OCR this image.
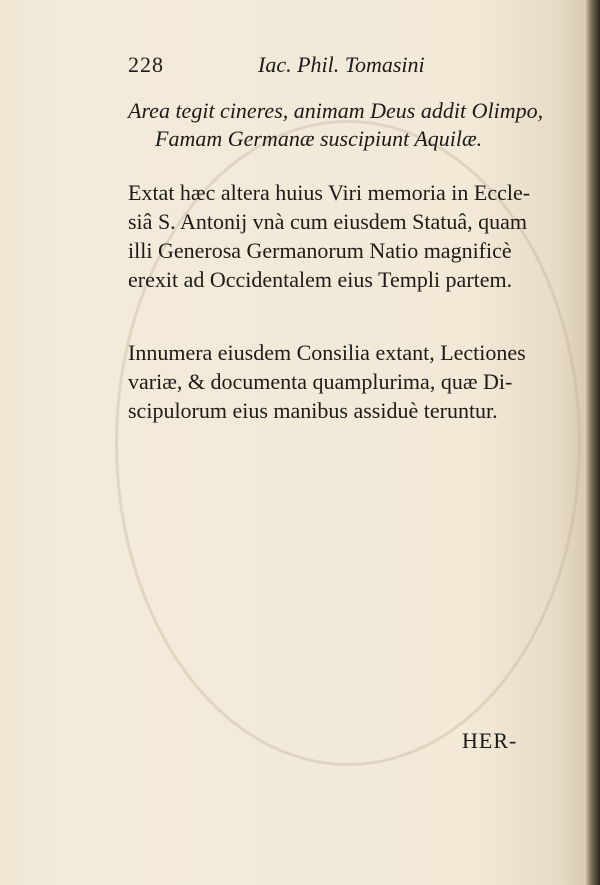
228	Iac. Phil. Tomasini
Area tegit cineres, animam Deus addit Olimpo,
Famam Germanæ suscipiunt Aquilæ.
Extat hæc altera huius Viri memoria in Eccle-
siâ S. Antonij vnà cum eiusdem Statuâ, quam
illi Generosa Germanorum Natio magnificè
erexit ad Occidentalem eius Templi partem.
Innumera eiusdem Consilia extant, Lectiones
variæ, & documenta quamplurima, quæ Di-
scipulorum eius manibus assiduè teruntur.
HER-
